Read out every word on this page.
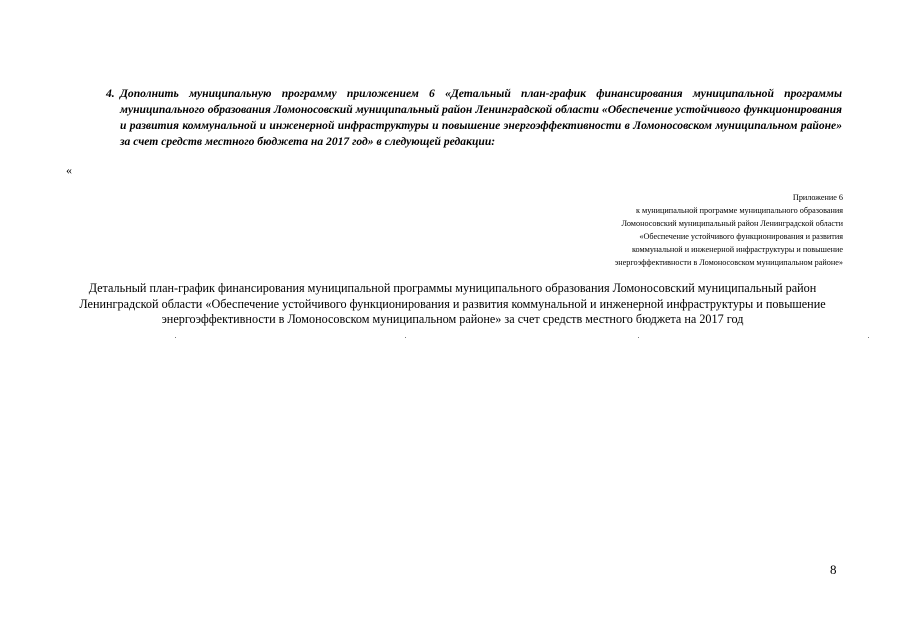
4. Дополнить муниципальную программу приложением 6 «Детальный план-график финансирования муниципальной программы муниципального образования Ломоносовский муниципальный район Ленинградской области «Обеспечение устойчивого функционирования и развития коммунальной и инженерной инфраструктуры и повышение энергоэффективности в Ломоносовском муниципальном районе» за счет средств местного бюджета на 2017 год» в следующей редакции:
«
Приложение 6
к муниципальной программе муниципального образования
Ломоносовский муниципальный район Ленинградской области
«Обеспечение устойчивого функционирования и развития
коммунальной и инженерной инфраструктуры и повышение
энергоэффективности в Ломоносовском муниципальном районе»
Детальный план-график финансирования муниципальной программы муниципального образования Ломоносовский муниципальный район
Ленинградской области «Обеспечение устойчивого функционирования и развития коммунальной и инженерной инфраструктуры и повышение
энергоэффективности в Ломоносовском муниципальном районе» за счет средств местного бюджета на 2017 год
8
